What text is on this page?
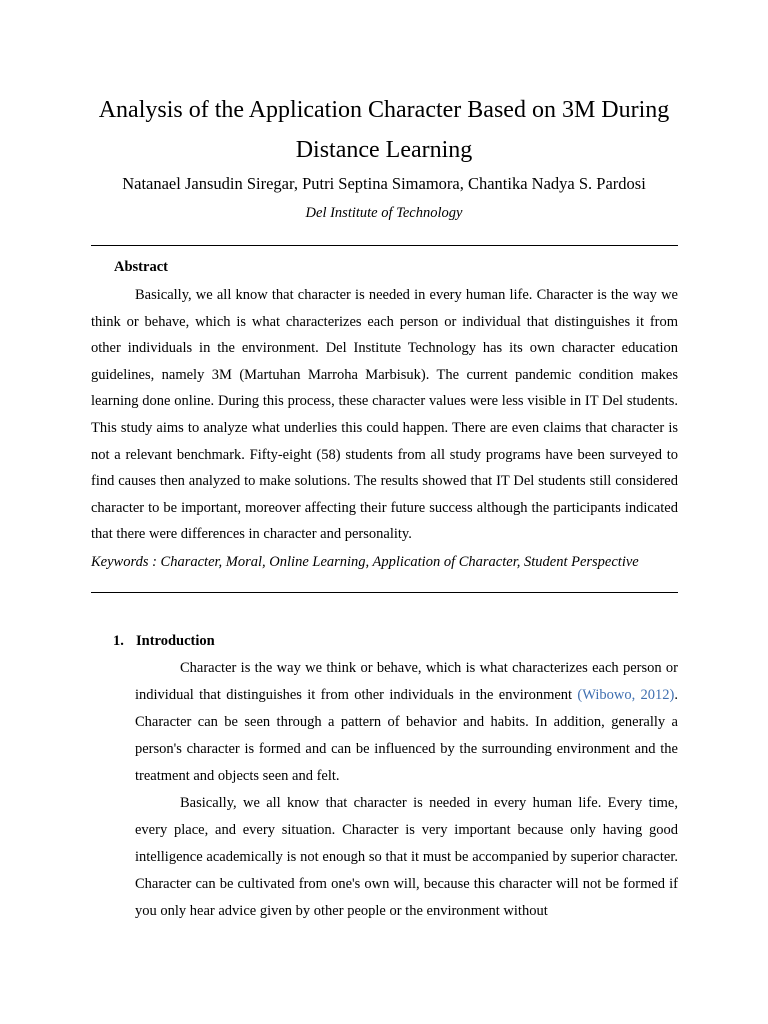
Analysis of the Application Character Based on 3M During Distance Learning
Natanael Jansudin Siregar, Putri Septina Simamora, Chantika Nadya S. Pardosi
Del Institute of Technology
Abstract

Basically, we all know that character is needed in every human life. Character is the way we think or behave, which is what characterizes each person or individual that distinguishes it from other individuals in the environment. Del Institute Technology has its own character education guidelines, namely 3M (Martuhan Marroha Marbisuk). The current pandemic condition makes learning done online. During this process, these character values were less visible in IT Del students. This study aims to analyze what underlies this could happen. There are even claims that character is not a relevant benchmark. Fifty-eight (58) students from all study programs have been surveyed to find causes then analyzed to make solutions. The results showed that IT Del students still considered character to be important, moreover affecting their future success although the participants indicated that there were differences in character and personality.

Keywords : Character, Moral, Online Learning, Application of Character, Student Perspective
1. Introduction

Character is the way we think or behave, which is what characterizes each person or individual that distinguishes it from other individuals in the environment (Wibowo, 2012). Character can be seen through a pattern of behavior and habits. In addition, generally a person's character is formed and can be influenced by the surrounding environment and the treatment and objects seen and felt.

Basically, we all know that character is needed in every human life. Every time, every place, and every situation. Character is very important because only having good intelligence academically is not enough so that it must be accompanied by superior character. Character can be cultivated from one's own will, because this character will not be formed if you only hear advice given by other people or the environment without
